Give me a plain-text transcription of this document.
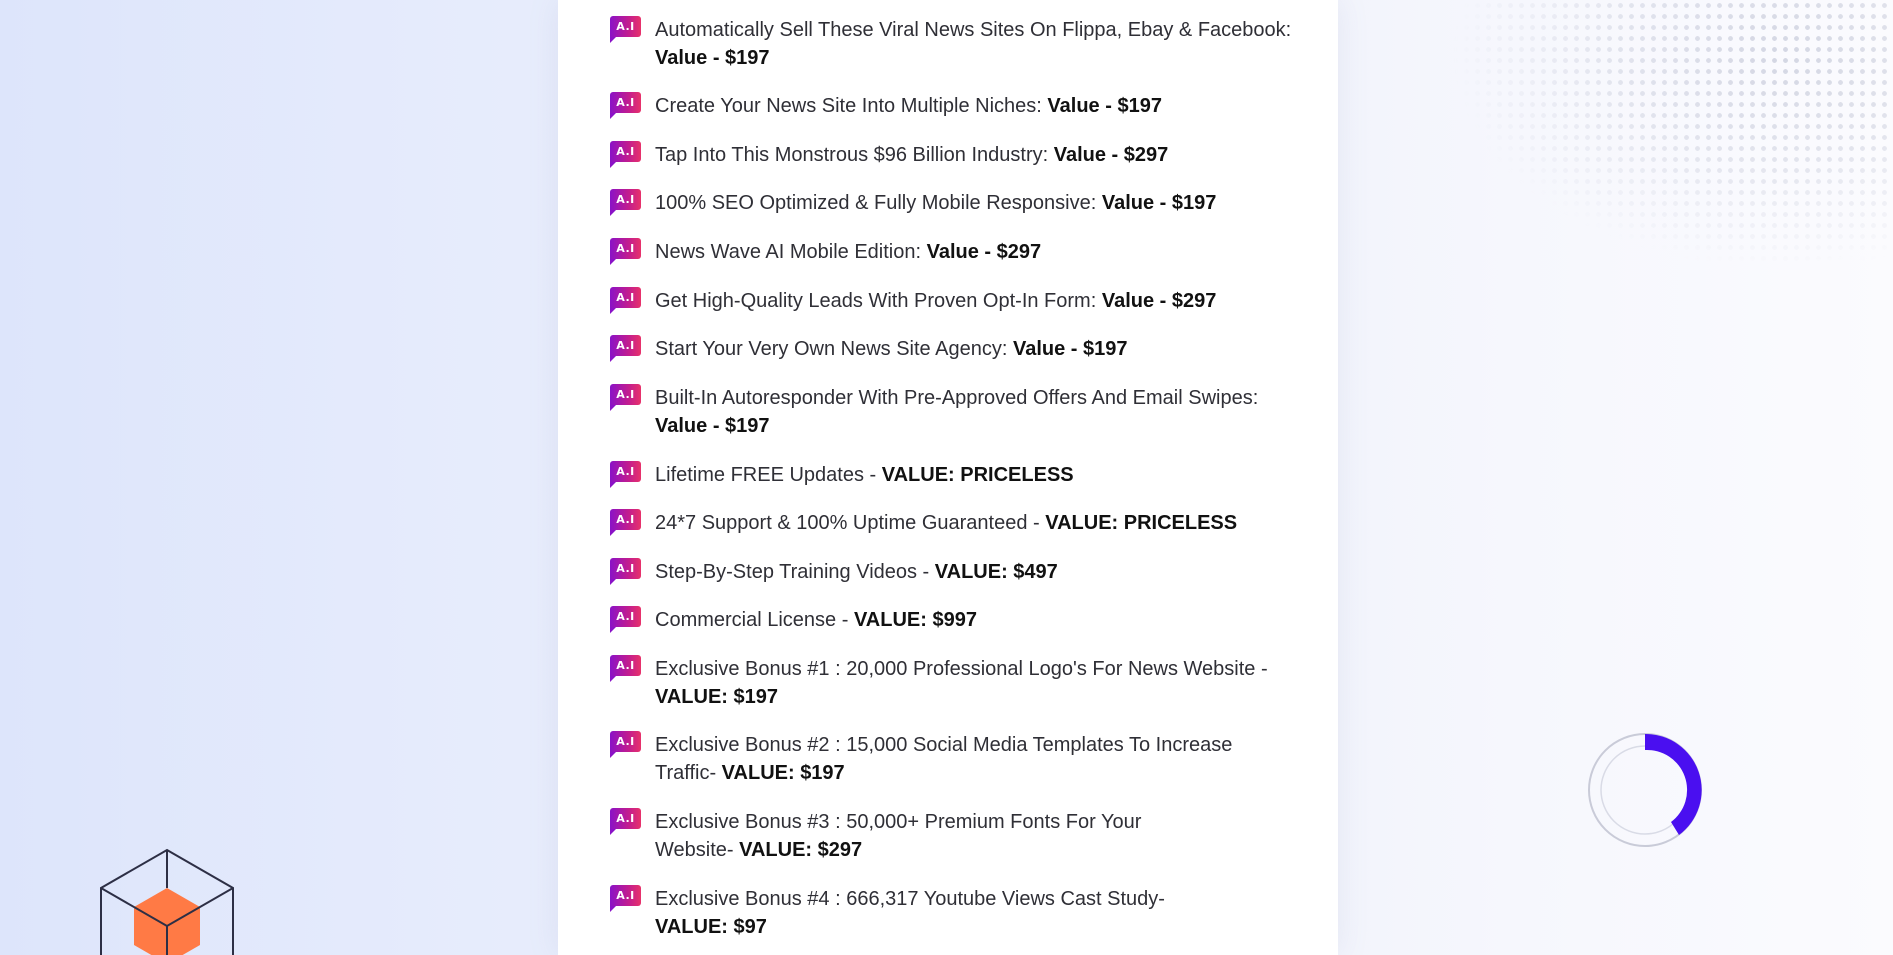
A.I	Automatically Sell These Viral News Sites On Flippa, Ebay & Facebook: Value - $197
A.I	Create Your News Site Into Multiple Niches: Value - $197
A.I	Tap Into This Monstrous $96 Billion Industry: Value - $297
A.I	100% SEO Optimized & Fully Mobile Responsive: Value - $197
A.I	News Wave AI Mobile Edition: Value - $297
A.I	Get High-Quality Leads With Proven Opt-In Form: Value - $297
A.I	Start Your Very Own News Site Agency: Value - $197
A.I	Built-In Autoresponder With Pre-Approved Offers And Email Swipes: Value - $197
A.I	Lifetime FREE Updates - VALUE: PRICELESS
A.I	24*7 Support & 100% Uptime Guaranteed - VALUE: PRICELESS
A.I	Step-By-Step Training Videos - VALUE: $497
A.I	Commercial License - VALUE: $997
A.I	Exclusive Bonus #1 : 20,000 Professional Logo's For News Website - VALUE: $197
A.I	Exclusive Bonus #2 : 15,000 Social Media Templates To Increase Traffic- VALUE: $197
A.I	Exclusive Bonus #3 : 50,000+ Premium Fonts For Your Website- VALUE: $297
A.I	Exclusive Bonus #4 : 666,317 Youtube Views Cast Study- VALUE: $97
